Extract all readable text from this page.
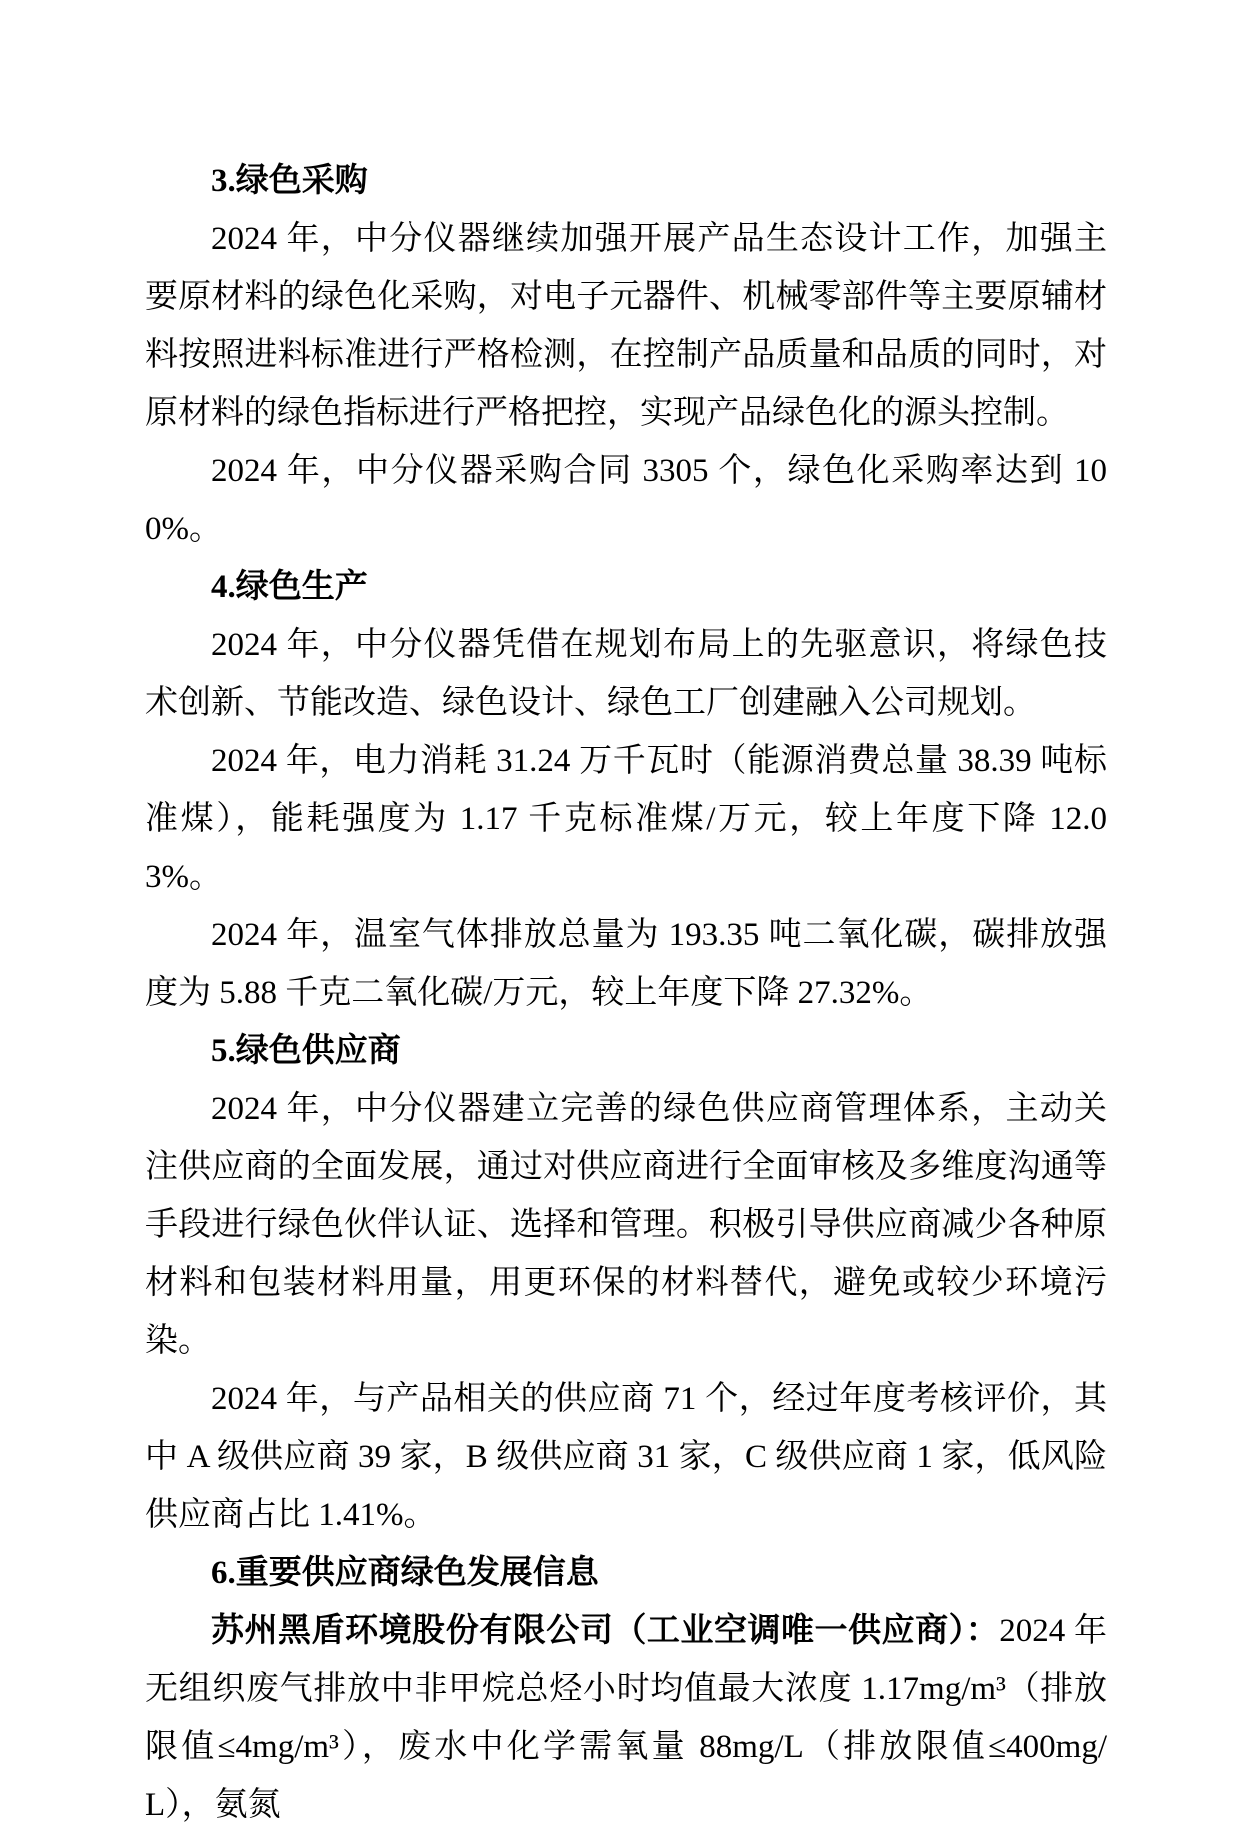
3.绿色采购

2024 年，中分仪器继续加强开展产品生态设计工作，加强主要原材料的绿色化采购，对电子元器件、机械零部件等主要原辅材料按照进料标准进行严格检测，在控制产品质量和品质的同时，对原材料的绿色指标进行严格把控，实现产品绿色化的源头控制。

2024 年，中分仪器采购合同 3305 个，绿色化采购率达到 100%。

4.绿色生产

2024 年，中分仪器凭借在规划布局上的先驱意识，将绿色技术创新、节能改造、绿色设计、绿色工厂创建融入公司规划。

2024 年，电力消耗 31.24 万千瓦时（能源消费总量 38.39 吨标准煤），能耗强度为 1.17 千克标准煤/万元，较上年度下降 12.03%。

2024 年，温室气体排放总量为 193.35 吨二氧化碳，碳排放强度为 5.88 千克二氧化碳/万元，较上年度下降 27.32%。

5.绿色供应商

2024 年，中分仪器建立完善的绿色供应商管理体系，主动关注供应商的全面发展，通过对供应商进行全面审核及多维度沟通等手段进行绿色伙伴认证、选择和管理。积极引导供应商减少各种原材料和包装材料用量，用更环保的材料替代，避免或较少环境污染。

2024 年，与产品相关的供应商 71 个，经过年度考核评价，其中 A 级供应商 39 家，B 级供应商 31 家，C 级供应商 1 家，低风险供应商占比 1.41%。

6.重要供应商绿色发展信息

苏州黑盾环境股份有限公司（工业空调唯一供应商）：2024 年无组织废气排放中非甲烷总烃小时均值最大浓度 1.17mg/m³（排放限值≤4mg/m³），废水中化学需氧量 88mg/L（排放限值≤400mg/L），氨氮
